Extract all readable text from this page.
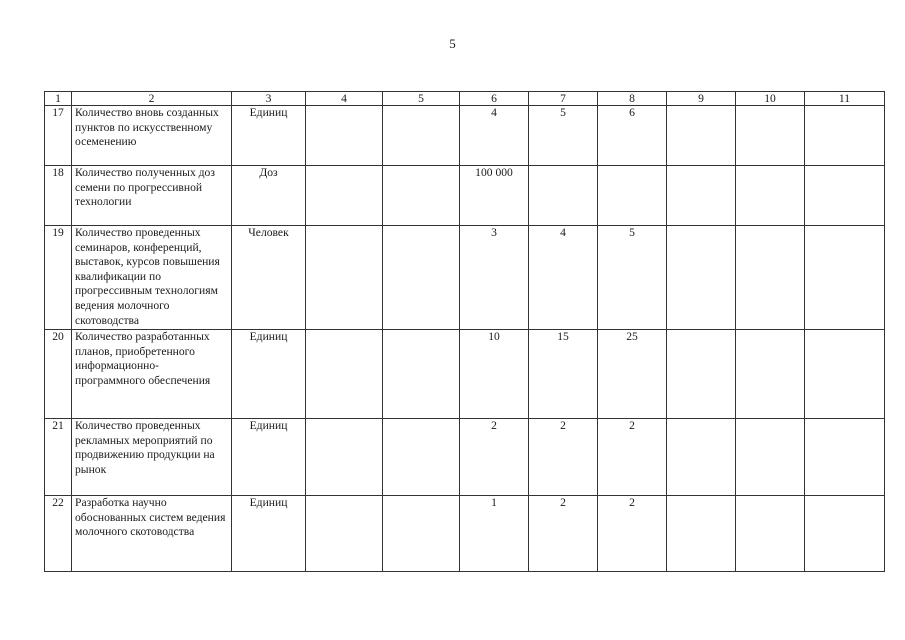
5
1	2	3	4	5	6	7	8	9	10	11
17	Количество вновь созданных пунктов по искусственному осеменению	Единиц			4	5	6			
18	Количество полученных доз семени по прогрессивной технологии	Доз			100 000					
19	Количество проведенных семинаров, конференций, выставок, курсов повышения квалификации по прогрессивным технологиям ведения молочного скотоводства	Человек			3	4	5			
20	Количество разработанных планов, приобретенного информационно-программного обеспечения	Единиц			10	15	25			
21	Количество проведенных рекламных мероприятий по продвижению продукции на рынок	Единиц			2	2	2			
22	Разработка научно обоснованных систем ведения молочного скотоводства	Единиц			1	2	2			
